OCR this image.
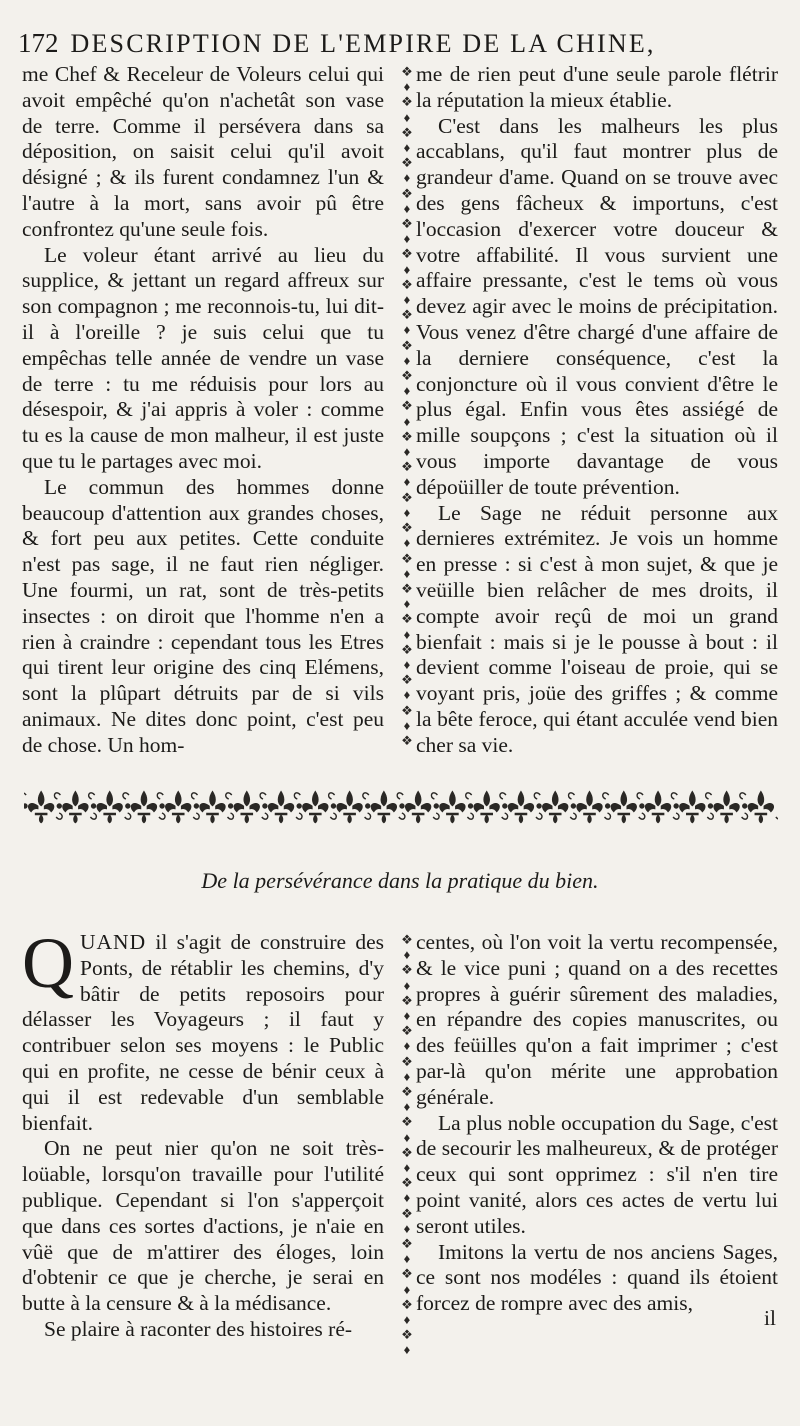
172 DESCRIPTION DE L'EMPIRE DE LA CHINE,

me Chef & Receleur de Voleurs celui qui avoit empêché qu'on n'achetât son vase de terre. Comme il persévera dans sa déposition, on saisit celui qu'il avoit désigné ; & ils furent condamnez l'un & l'autre à la mort, sans avoir pû être confrontez qu'une seule fois.

Le voleur étant arrivé au lieu du supplice, & jettant un regard affreux sur son compagnon ; me reconnois-tu, lui dit-il à l'oreille ? je suis celui que tu empêchas telle année de vendre un vase de terre : tu me réduisis pour lors au désespoir, & j'ai appris à voler : comme tu es la cause de mon malheur, il est juste que tu le partages avec moi.

Le commun des hommes donne beaucoup d'attention aux grandes choses, & fort peu aux petites. Cette conduite n'est pas sage, il ne faut rien négliger. Une fourmi, un rat, sont de très-petits insectes : on diroit que l'homme n'en a rien à craindre : cependant tous les Etres qui tirent leur origine des cinq Elémens, sont la plûpart détruits par de si vils animaux. Ne dites donc point, c'est peu de chose. Un hom-

❖
♦
❖
♦
❖
♦
❖
♦
❖
♦
❖
♦
❖
♦
❖
♦
❖
♦
❖
♦
❖
♦
❖
♦
❖
♦
❖
♦
❖
♦
❖
♦
❖
♦
❖
♦
❖
♦
❖
♦
❖
♦
❖
♦
❖

me de rien peut d'une seule parole flétrir la réputation la mieux établie.

C'est dans les malheurs les plus accablans, qu'il faut montrer plus de grandeur d'ame. Quand on se trouve avec des gens fâcheux & importuns, c'est l'occasion d'exercer votre douceur & votre affabilité. Il vous survient une affaire pressante, c'est le tems où vous devez agir avec le moins de précipitation. Vous venez d'être chargé d'une affaire de la derniere conséquence, c'est la conjoncture où il vous convient d'être le plus égal. Enfin vous êtes assiégé de mille soupçons ; c'est la situation où il vous importe davantage de vous dépoüiller de toute prévention.

Le Sage ne réduit personne aux dernieres extrémitez. Je vois un homme en presse : si c'est à mon sujet, & que je veüille bien relâcher de mes droits, il compte avoir reçû de moi un grand bienfait : mais si je le pousse à bout : il devient comme l'oiseau de proie, qui se voyant pris, joüe des griffes ; & comme la bête feroce, qui étant acculée vend bien cher sa vie.

De la persévérance dans la pratique du bien.

QUAND il s'agit de construire des Ponts, de rétablir les chemins, d'y bâtir de petits reposoirs pour délasser les Voyageurs ; il faut y contribuer selon ses moyens : le Public qui en profite, ne cesse de bénir ceux à qui il est redevable d'un semblable bienfait.

On ne peut nier qu'on ne soit très-loüable, lorsqu'on travaille pour l'utilité publique. Cependant si l'on s'apperçoit que dans ces sortes d'actions, je n'aie en vûë que de m'attirer des éloges, loin d'obtenir ce que je cherche, je serai en butte à la censure & à la médisance.

Se plaire à raconter des histoires ré-

❖
♦
❖
♦
❖
♦
❖
♦
❖
♦
❖
♦
❖
♦
❖
♦
❖
♦
❖
♦
❖
♦
❖
♦
❖
♦
❖
♦

centes, où l'on voit la vertu recompensée, & le vice puni ; quand on a des recettes propres à guérir sûrement des maladies, en répandre des copies manuscrites, ou des feüilles qu'on a fait imprimer ; c'est par-là qu'on mérite une approbation générale.

La plus noble occupation du Sage, c'est de secourir les malheureux, & de protéger ceux qui sont opprimez : s'il n'en tire point vanité, alors ces actes de vertu lui seront utiles.

Imitons la vertu de nos anciens Sages, ce sont nos modéles : quand ils étoient forcez de rompre avec des amis,

il
